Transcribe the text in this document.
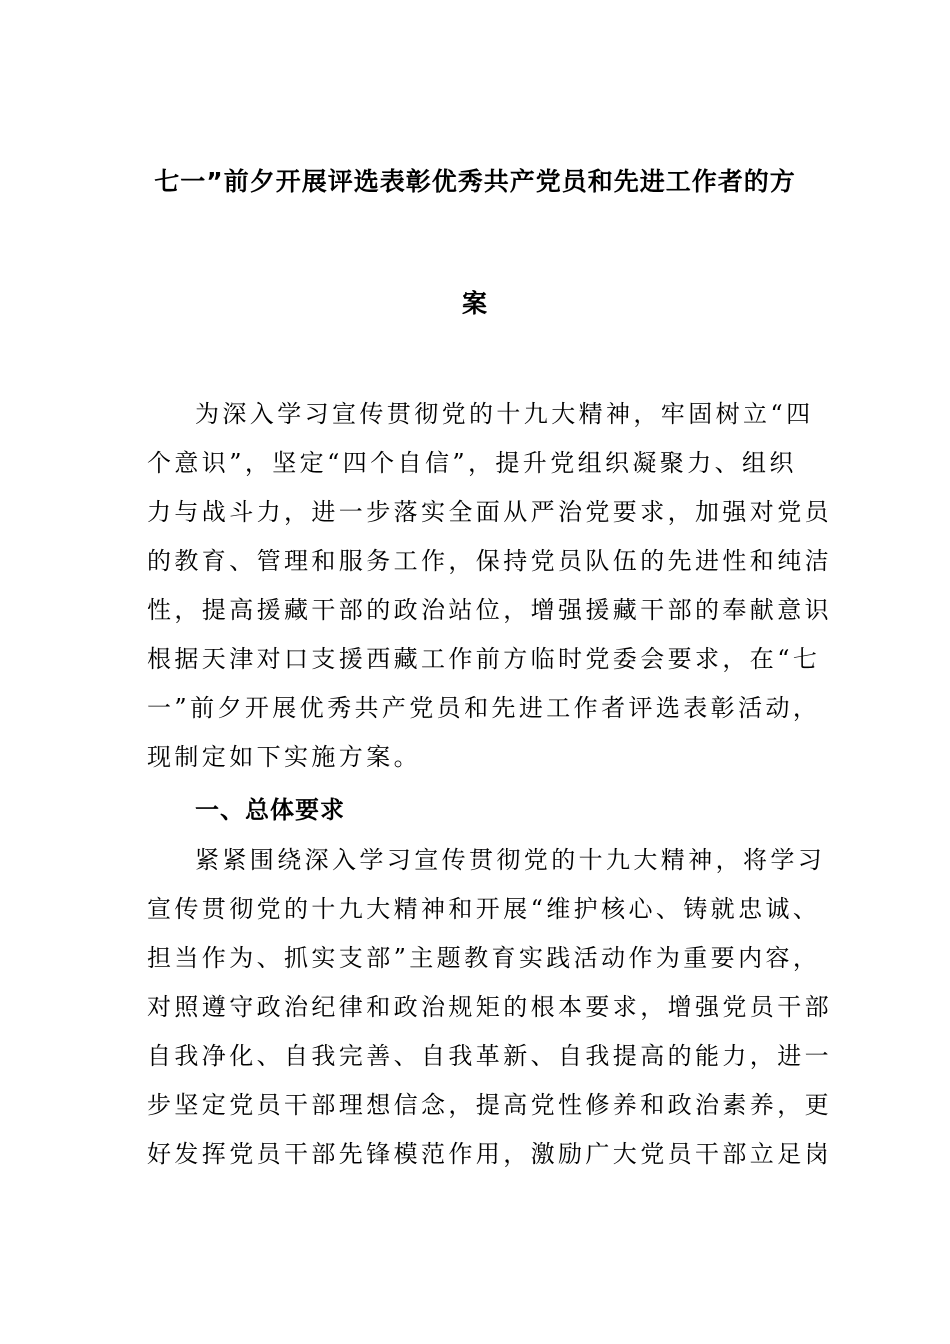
七一”前夕开展评选表彰优秀共产党员和先进工作者的方
案
为深入学习宣传贯彻党的十九大精神，牢固树立“四
个意识”，坚定“四个自信”，提升党组织凝聚力、组织
力与战斗力，进一步落实全面从严治党要求，加强对党员
的教育、管理和服务工作，保持党员队伍的先进性和纯洁
性，提高援藏干部的政治站位，增强援藏干部的奉献意识
根据天津对口支援西藏工作前方临时党委会要求，在“七
一”前夕开展优秀共产党员和先进工作者评选表彰活动，
现制定如下实施方案。
一、总体要求
紧紧围绕深入学习宣传贯彻党的十九大精神，将学习
宣传贯彻党的十九大精神和开展“维护核心、铸就忠诚、
担当作为、抓实支部”主题教育实践活动作为重要内容，
对照遵守政治纪律和政治规矩的根本要求，增强党员干部
自我净化、自我完善、自我革新、自我提高的能力，进一
步坚定党员干部理想信念，提高党性修养和政治素养，更
好发挥党员干部先锋模范作用，激励广大党员干部立足岗
